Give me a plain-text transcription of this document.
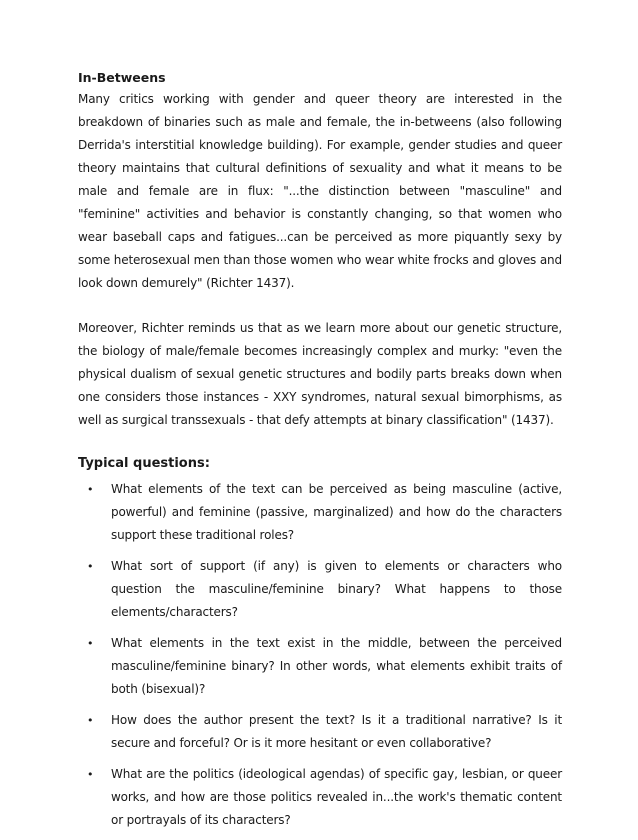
In-Betweens

Many critics working with gender and queer theory are interested in the breakdown of binaries such as male and female, the in-betweens (also following Derrida's interstitial knowledge building). For example, gender studies and queer theory maintains that cultural definitions of sexuality and what it means to be male and female are in flux: "...the distinction between "masculine" and "feminine" activities and behavior is constantly changing, so that women who wear baseball caps and fatigues...can be perceived as more piquantly sexy by some heterosexual men than those women who wear white frocks and gloves and look down demurely" (Richter 1437).

Moreover, Richter reminds us that as we learn more about our genetic structure, the biology of male/female becomes increasingly complex and murky: "even the physical dualism of sexual genetic structures and bodily parts breaks down when one considers those instances - XXY syndromes, natural sexual bimorphisms, as well as surgical transsexuals - that defy attempts at binary classification" (1437).

Typical questions:
• What elements of the text can be perceived as being masculine (active, powerful) and feminine (passive, marginalized) and how do the characters support these traditional roles?

• What sort of support (if any) is given to elements or characters who question the masculine/feminine binary? What happens to those elements/characters?

• What elements in the text exist in the middle, between the perceived masculine/feminine binary? In other words, what elements exhibit traits of both (bisexual)?

• How does the author present the text? Is it a traditional narrative? Is it secure and forceful? Or is it more hesitant or even collaborative?

• What are the politics (ideological agendas) of specific gay, lesbian, or queer works, and how are those politics revealed in...the work's thematic content or portrayals of its characters?
